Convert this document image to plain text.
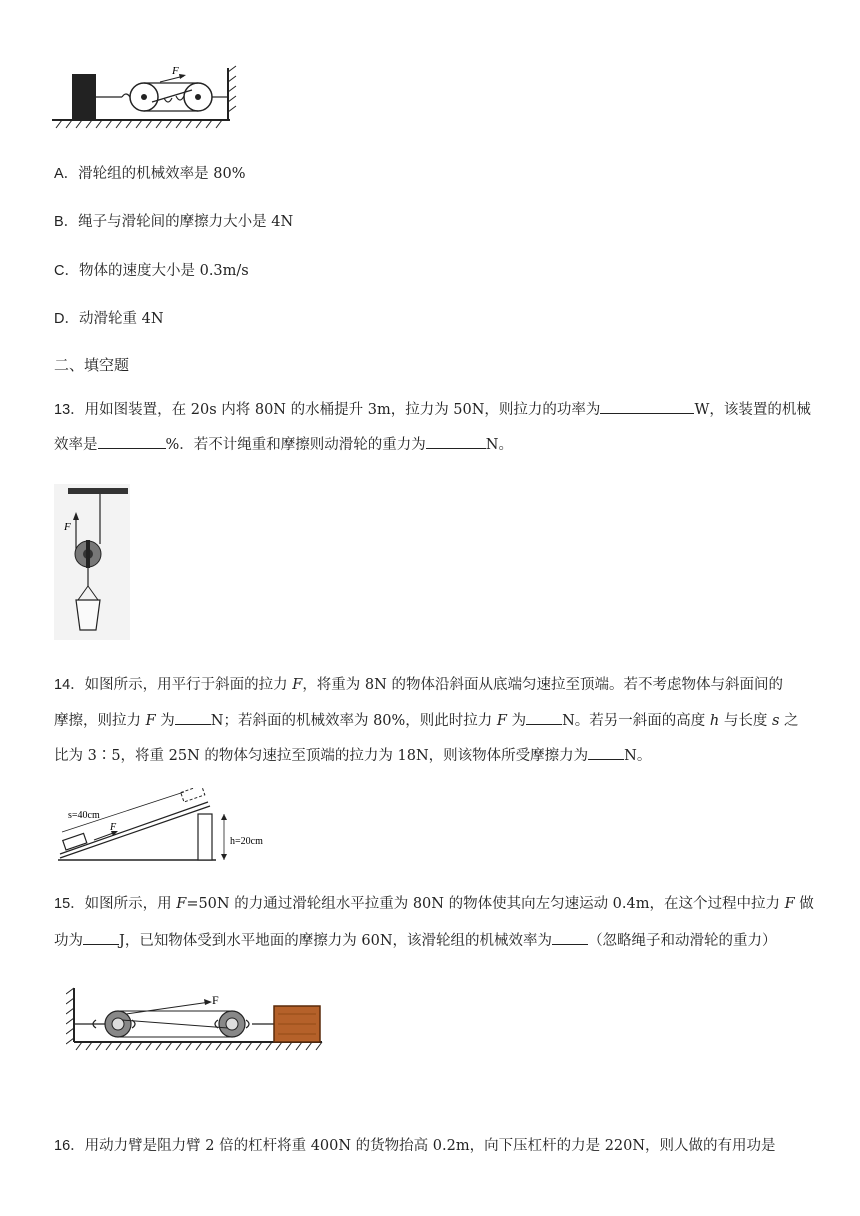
F
A．滑轮组的机械效率是 80%
B．绳子与滑轮间的摩擦力大小是 4N
C．物体的速度大小是 0.3m/s
D．动滑轮重 4N
二、填空题
13．用如图装置，在 20s 内将 80N 的水桶提升 3m，拉力为 50N，则拉力的功率为	W，该装置的机械
效率是	%．若不计绳重和摩擦则动滑轮的重力为	N。
F
14．如图所示，用平行于斜面的拉力 F，将重为 8N 的物体沿斜面从底端匀速拉至顶端。若不考虑物体与斜面间的
摩擦，则拉力 F 为 N；若斜面的机械效率为 80%，则此时拉力 F 为 N。若另一斜面的高度 h 与长度 s 之
比为 3∶5，将重 25N 的物体匀速拉至顶端的拉力为 18N，则该物体所受摩擦力为 N。
F
s=40cm
h=20cm
15．如图所示，用 F=50N 的力通过滑轮组水平拉重为 80N 的物体使其向左匀速运动 0.4m，在这个过程中拉力 F 做
功为 J，已知物体受到水平地面的摩擦力为 60N，该滑轮组的机械效率为 （忽略绳子和动滑轮的重力）
F
16．用动力臂是阻力臂 2 倍的杠杆将重 400N 的货物抬高 0.2m，向下压杠杆的力是 220N，则人做的有用功是
